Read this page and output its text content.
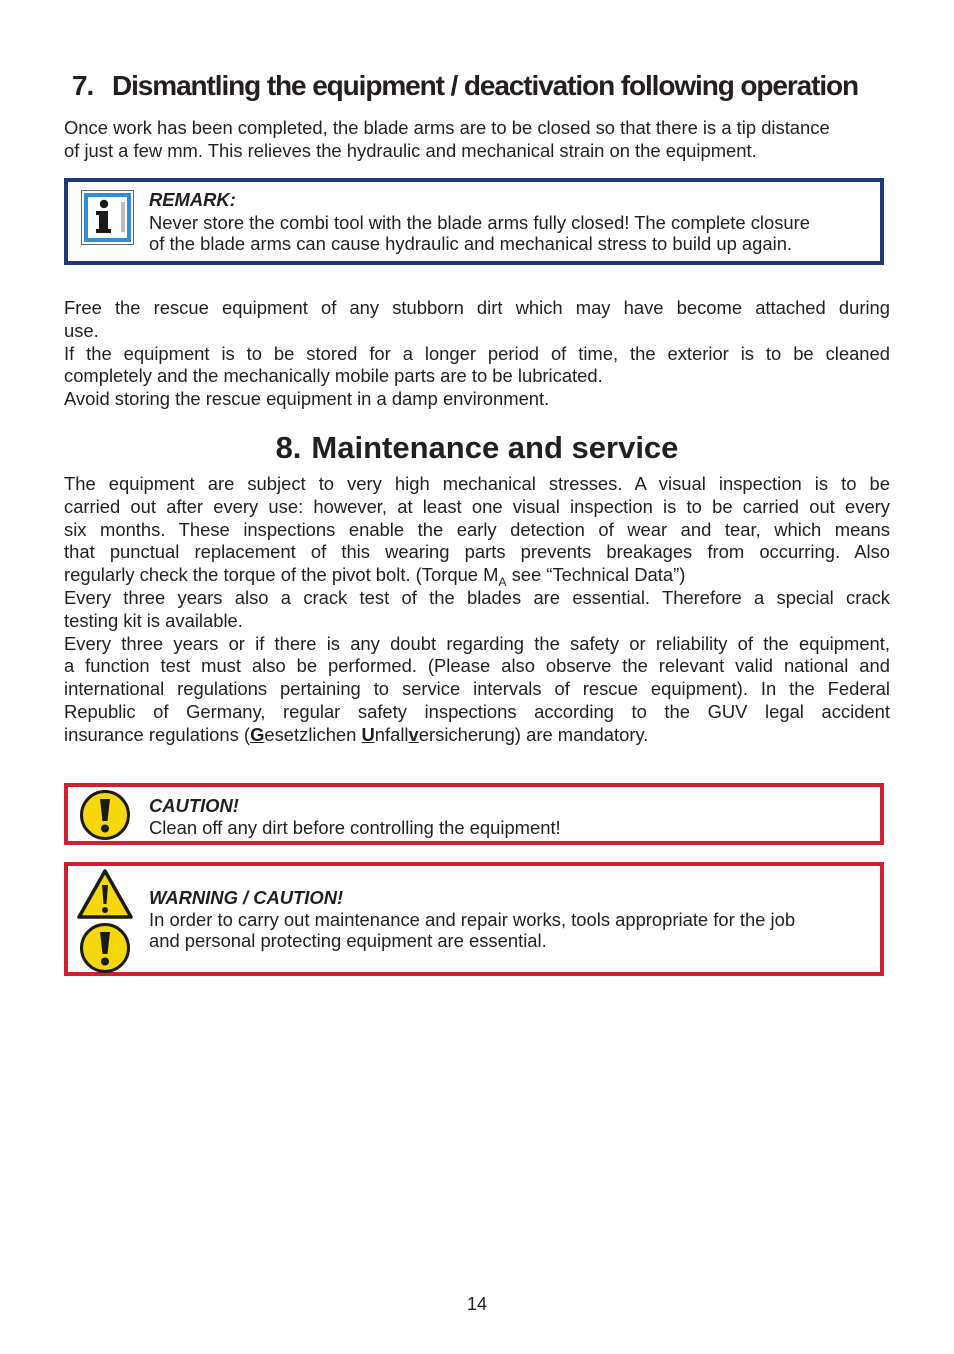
7. Dismantling the equipment / deactivation following operation
Once work has been completed, the blade arms are to be closed so that there is a tip distance
of just a few mm. This relieves the hydraulic and mechanical strain on the equipment.
REMARK:
Never store the combi tool with the blade arms fully closed! The complete closure
of the blade arms can cause hydraulic and mechanical stress to build up again.
Free the rescue equipment of any stubborn dirt which may have become attached during
use.
If the equipment is to be stored for a longer period of time, the exterior is to be cleaned
completely and the mechanically mobile parts are to be lubricated.
Avoid storing the rescue equipment in a damp environment.
8. Maintenance and service
The equipment are subject to very high mechanical stresses. A visual inspection is to be
carried out after every use: however, at least one visual inspection is to be carried out every
six months. These inspections enable the early detection of wear and tear, which means
that punctual replacement of this wearing parts prevents breakages from occurring. Also
regularly check the torque of the pivot bolt. (Torque $M_A$ see “Technical Data”)
Every three years also a crack test of the blades are essential. Therefore a special crack
testing kit is available.
Every three years or if there is any doubt regarding the safety or reliability of the equipment,
a function test must also be performed. (Please also observe the relevant valid national and
international regulations pertaining to service intervals of rescue equipment). In the Federal
Republic of Germany, regular safety inspections according to the GUV legal accident
insurance regulations (Gesetzlichen Unfallversicherung) are mandatory.
CAUTION!
Clean off any dirt before controlling the equipment!
WARNING / CAUTION!
In order to carry out maintenance and repair works, tools appropriate for the job
and personal protecting equipment are essential.
14
